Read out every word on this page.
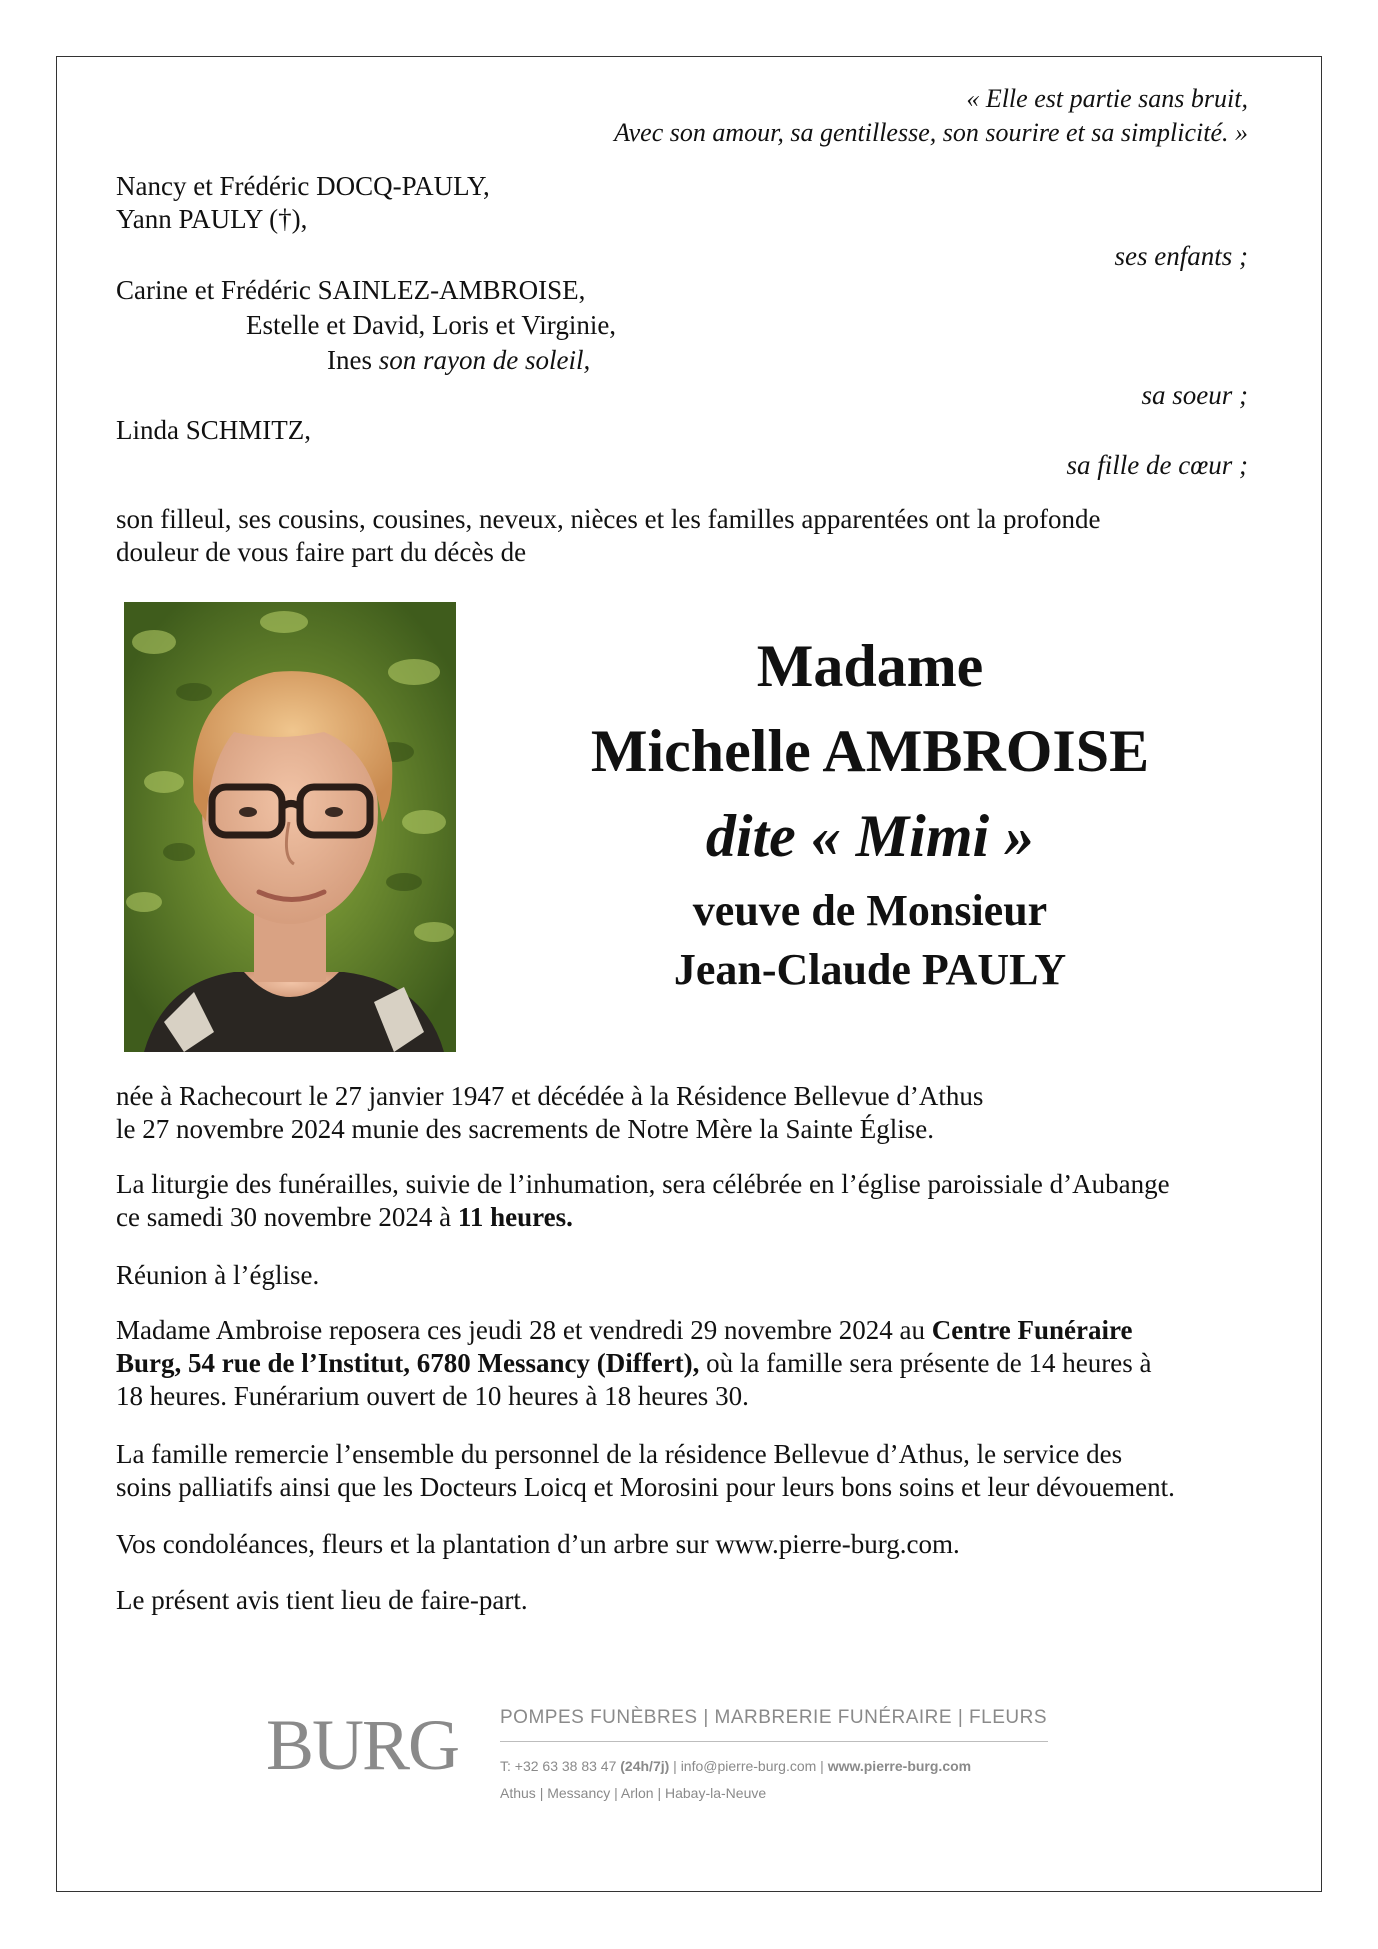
« Elle est partie sans bruit,
Avec son amour, sa gentillesse, son sourire et sa simplicité. »
Nancy et Frédéric DOCQ-PAULY,
Yann PAULY (†),
ses enfants ;
Carine et Frédéric SAINLEZ-AMBROISE,
Estelle et David, Loris et Virginie,
Ines son rayon de soleil,
sa soeur ;
Linda SCHMITZ,
sa fille de cœur ;
son filleul, ses cousins, cousines, neveux, nièces et les familles apparentées ont la profonde
douleur de vous faire part du décès de
Madame
Michelle AMBROISE
dite « Mimi »
veuve de Monsieur
Jean-Claude PAULY
née à Rachecourt le 27 janvier 1947 et décédée à la Résidence Bellevue d’Athus
le 27 novembre 2024 munie des sacrements de Notre Mère la Sainte Église.
La liturgie des funérailles, suivie de l’inhumation, sera célébrée en l’église paroissiale d’Aubange
ce samedi 30 novembre 2024 à 11 heures.
Réunion à l’église.
Madame Ambroise reposera ces jeudi 28 et vendredi 29 novembre 2024 au Centre Funéraire
Burg, 54 rue de l’Institut, 6780 Messancy (Differt), où la famille sera présente de 14 heures à
18 heures. Funérarium ouvert de 10 heures à 18 heures 30.
La famille remercie l’ensemble du personnel de la résidence Bellevue d’Athus, le service des
soins palliatifs ainsi que les Docteurs Loicq et Morosini pour leurs bons soins et leur dévouement.
Vos condoléances, fleurs et la plantation d’un arbre sur www.pierre-burg.com.
Le présent avis tient lieu de faire-part.
BURG POMPES FUNÈBRES | MARBRERIE FUNÉRAIRE | FLEURS
T: +32 63 38 83 47 (24h/7j) | info@pierre-burg.com | www.pierre-burg.com
Athus | Messancy | Arlon | Habay-la-Neuve
